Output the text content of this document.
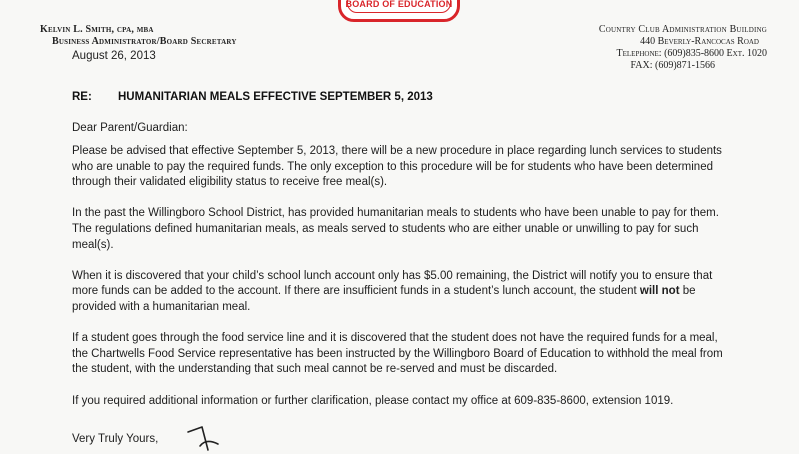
BOARD OF EDUCATION
Kelvin L. Smith, cpa, mba
Business Administrator/Board Secretary
Country Club Administration Building
440 Beverly-Rancocas Road
Telephone: (609)835-8600 Ext. 1020
FAX: (609)871-1566
August 26, 2013
RE: HUMANITARIAN MEALS EFFECTIVE SEPTEMBER 5, 2013

Dear Parent/Guardian:

Please be advised that effective September 5, 2013, there will be a new procedure in place regarding lunch services to students who are unable to pay the required funds. The only exception to this procedure will be for students who have been determined through their validated eligibility status to receive free meal(s).

In the past the Willingboro School District, has provided humanitarian meals to students who have been unable to pay for them. The regulations defined humanitarian meals, as meals served to students who are either unable or unwilling to pay for such meal(s).

When it is discovered that your child’s school lunch account only has $5.00 remaining, the District will notify you to ensure that more funds can be added to the account. If there are insufficient funds in a student’s lunch account, the student will not be provided with a humanitarian meal.

If a student goes through the food service line and it is discovered that the student does not have the required funds for a meal, the Chartwells Food Service representative has been instructed by the Willingboro Board of Education to withhold the meal from the student, with the understanding that such meal cannot be re-served and must be discarded.

If you required additional information or further clarification, please contact my office at 609-835-8600, extension 1019.

Very Truly Yours,
